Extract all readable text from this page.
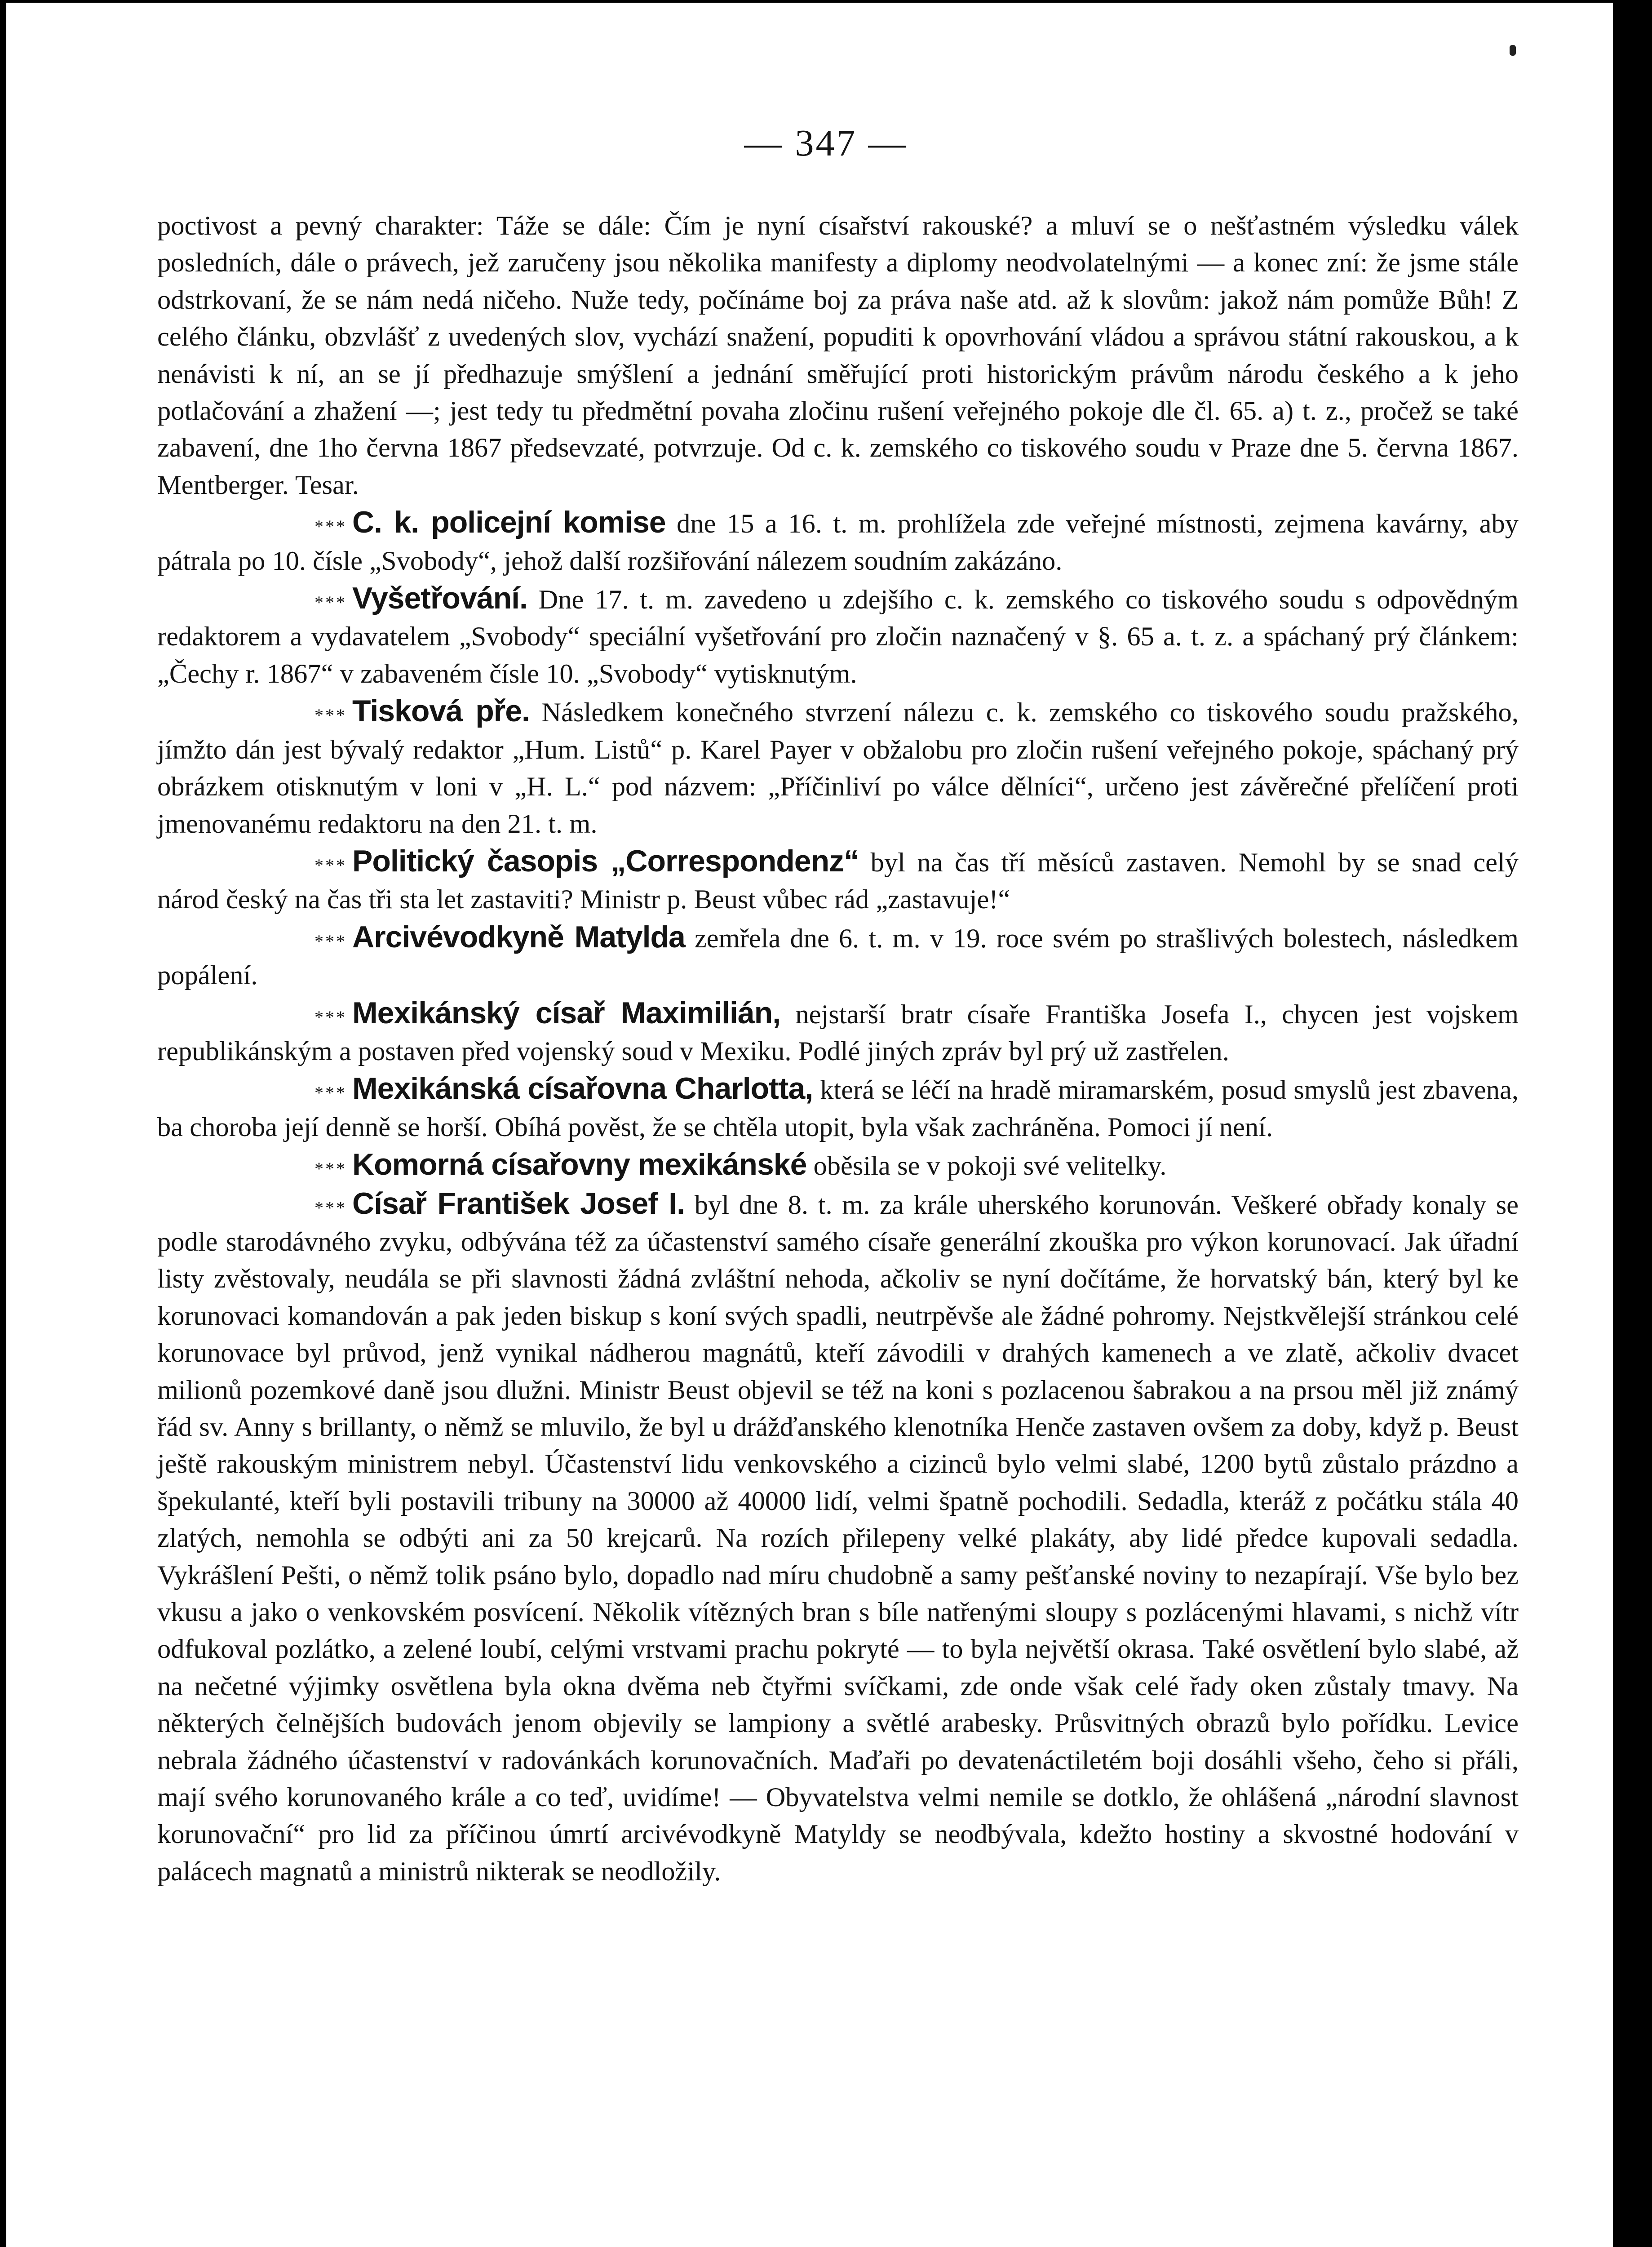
— 347 —

poctivost a pevný charakter: Táže se dále: Čím je nyní císařství rakouské? a mluví se o nešťastném výsledku válek posledních, dále o právech, jež zaručeny jsou několika manifesty a diplomy neodvolatelnými — a konec zní: že jsme stále odstrkovaní, že se nám nedá ničeho. Nuže tedy, počínáme boj za práva naše atd. až k slovům: jakož nám pomůže Bůh! Z celého článku, obzvlášť z uvedených slov, vychází snažení, popuditi k opovrhování vládou a správou státní rakouskou, a k nenávisti k ní, an se jí předhazuje smýšlení a jednání směřující proti historickým právům národu českého a k jeho potlačování a zhažení —; jest tedy tu předmětní povaha zločinu rušení veřejného pokoje dle čl. 65. a) t. z., pročež se také zabavení, dne 1ho června 1867 předsevzaté, potvrzuje. Od c. k. zemského co tiskového soudu v Praze dne 5. června 1867. Mentberger. Tesar.

* * * C. k. policejní komise dne 15 a 16. t. m. prohlížela zde veřejné místnosti, zejmena kavárny, aby pátrala po 10. čísle „Svobody“, jehož další rozšiřování nálezem soudním zakázáno.

* * * Vyšetřování. Dne 17. t. m. zavedeno u zdejšího c. k. zemského co tiskového soudu s odpovědným redaktorem a vydavatelem „Svobody“ speciální vyšetřování pro zločin naznačený v §. 65 a. t. z. a spáchaný prý článkem: „Čechy r. 1867“ v zabaveném čísle 10. „Svobody“ vytisknutým.

* * * Tisková pře. Následkem konečného stvrzení nálezu c. k. zemského co tiskového soudu pražského, jímžto dán jest bývalý redaktor „Hum. Listů“ p. Karel Payer v obžalobu pro zločin rušení veřejného pokoje, spáchaný prý obrázkem otisknutým v loni v „H. L.“ pod názvem: „Příčinliví po válce dělníci“, určeno jest závěrečné přelíčení proti jmenovanému redaktoru na den 21. t. m.

* * * Politický časopis „Correspondenz“ byl na čas tří měsíců zastaven. Nemohl by se snad celý národ český na čas tři sta let zastaviti? Ministr p. Beust vůbec rád „zastavuje!“

* * * Arcivévodkyně Matylda zemřela dne 6. t. m. v 19. roce svém po strašlivých bolestech, následkem popálení.

* * * Mexikánský císař Maximilián, nejstarší bratr císaře Františka Josefa I., chycen jest vojskem republikánským a postaven před vojenský soud v Mexiku. Podlé jiných zpráv byl prý už zastřelen.

* * * Mexikánská císařovna Charlotta, která se léčí na hradě miramarském, posud smyslů jest zbavena, ba choroba její denně se horší. Obíhá pověst, že se chtěla utopit, byla však zachráněna. Pomoci jí není.

* * * Komorná císařovny mexikánské oběsila se v pokoji své velitelky.

* * * Císař František Josef I. byl dne 8. t. m. za krále uherského korunován. Veškeré obřady konaly se podle starodávného zvyku, odbývána též za účastenství samého císaře generální zkouška pro výkon korunovací. Jak úřadní listy zvěstovaly, neudála se při slavnosti žádná zvláštní nehoda, ačkoliv se nyní dočítáme, že horvatský bán, který byl ke korunovaci komandován a pak jeden biskup s koní svých spadli, neutrpěvše ale žádné pohromy. Nejstkvělejší stránkou celé korunovace byl průvod, jenž vynikal nádherou magnátů, kteří závodili v drahých kamenech a ve zlatě, ačkoliv dvacet milionů pozemkové daně jsou dlužni. Ministr Beust objevil se též na koni s pozlacenou šabrakou a na prsou měl již známý řád sv. Anny s brillanty, o němž se mluvilo, že byl u drážďanského klenotníka Henče zastaven ovšem za doby, když p. Beust ještě rakouským ministrem nebyl. Účastenství lidu venkovského a cizinců bylo velmi slabé, 1200 bytů zůstalo prázdno a špekulanté, kteří byli postavili tribuny na 30000 až 40000 lidí, velmi špatně pochodili. Sedadla, kteráž z počátku stála 40 zlatých, nemohla se odbýti ani za 50 krejcarů. Na rozích přilepeny velké plakáty, aby lidé předce kupovali sedadla. Vykrášlení Pešti, o němž tolik psáno bylo, dopadlo nad míru chudobně a samy pešťanské noviny to nezapírají. Vše bylo bez vkusu a jako o venkovském posvícení. Několik vítězných bran s bíle natřenými sloupy s pozlácenými hlavami, s nichž vítr odfukoval pozlátko, a zelené loubí, celými vrstvami prachu pokryté — to byla největší okrasa. Také osvětlení bylo slabé, až na nečetné výjimky osvětlena byla okna dvěma neb čtyřmi svíčkami, zde onde však celé řady oken zůstaly tmavy. Na některých čelnějších budovách jenom objevily se lampiony a světlé arabesky. Průsvitných obrazů bylo pořídku. Levice nebrala žádného účastenství v radovánkách korunovačních. Maďaři po devatenáctiletém boji dosáhli všeho, čeho si přáli, mají svého korunovaného krále a co teď, uvidíme! — Obyvatelstva velmi nemile se dotklo, že ohlášená „národní slavnost korunovační“ pro lid za příčinou úmrtí arcivévodkyně Matyldy se neodbývala, kdežto hostiny a skvostné hodování v palácech magnatů a ministrů nikterak se neodložily.
